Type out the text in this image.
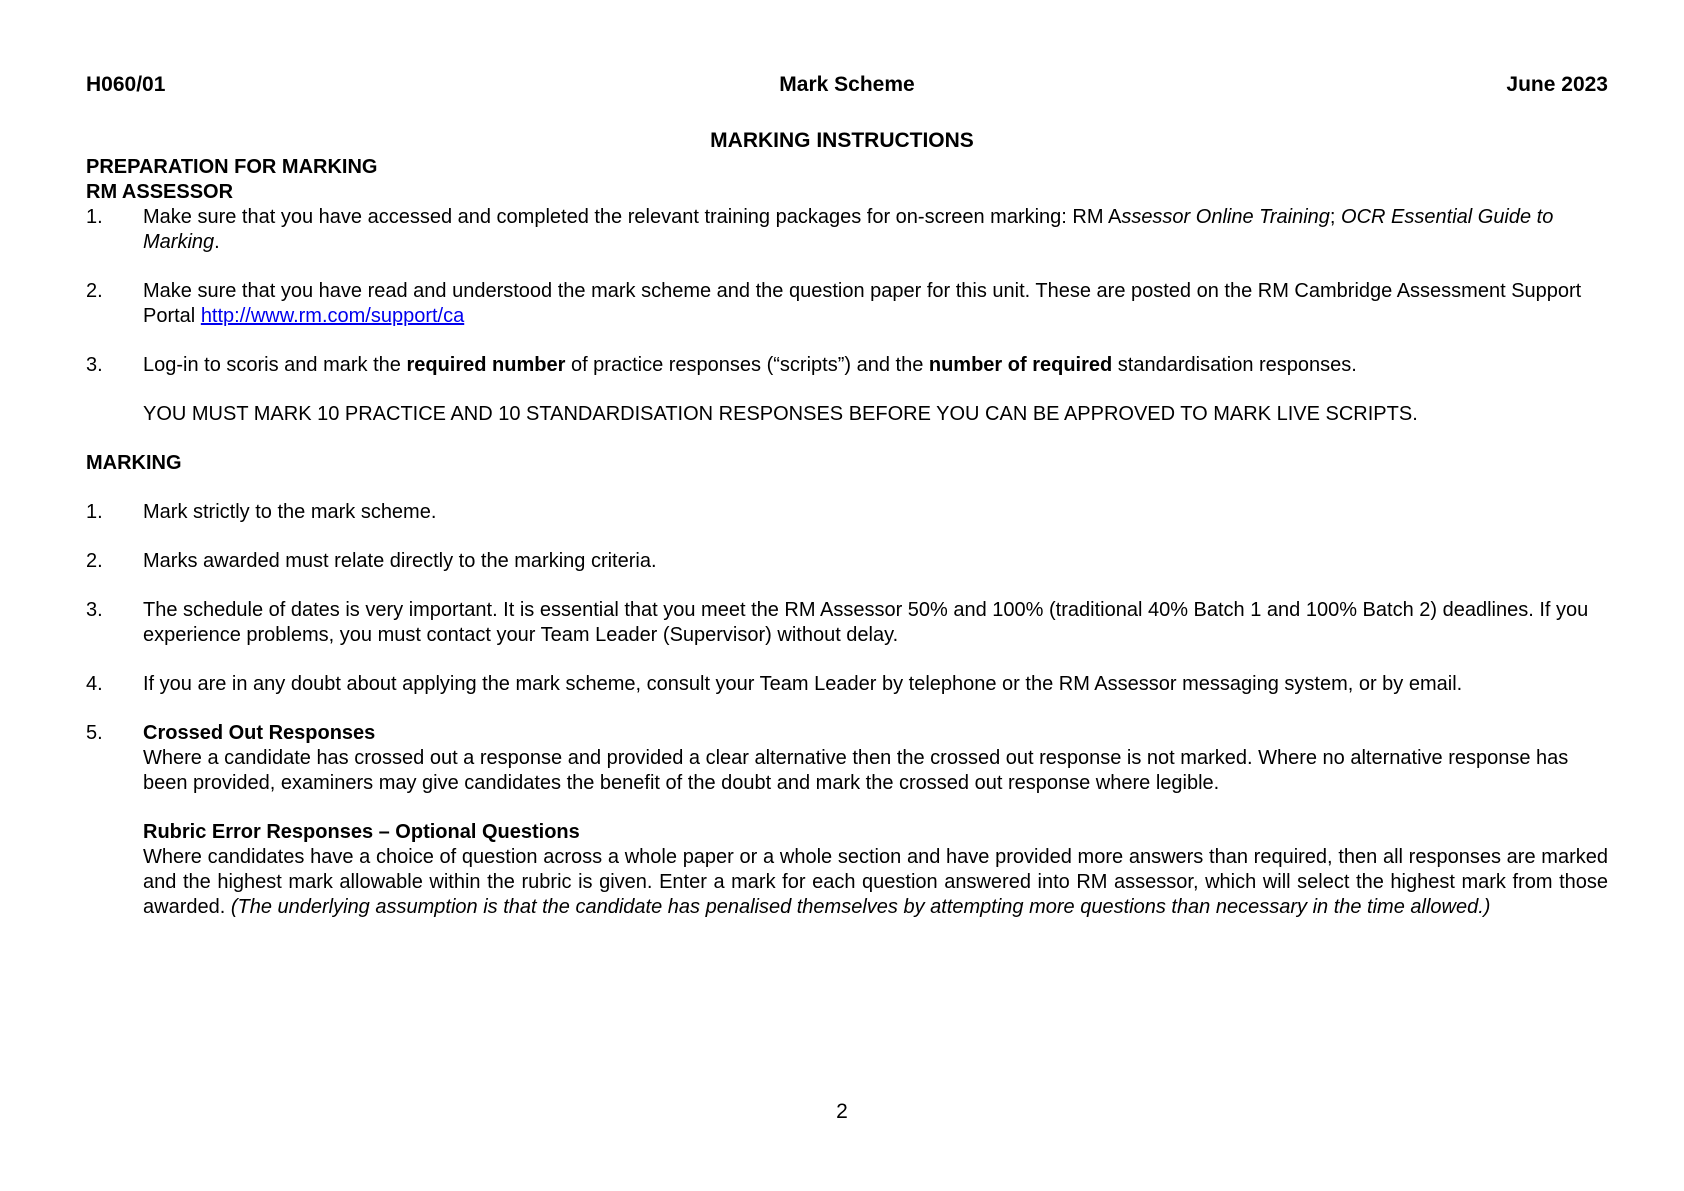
H060/01	Mark Scheme	June 2023
MARKING INSTRUCTIONS
PREPARATION FOR MARKING
RM ASSESSOR
1. Make sure that you have accessed and completed the relevant training packages for on-screen marking: RM Assessor Online Training; OCR Essential Guide to Marking.
2. Make sure that you have read and understood the mark scheme and the question paper for this unit. These are posted on the RM Cambridge Assessment Support Portal http://www.rm.com/support/ca
3. Log-in to scoris and mark the required number of practice responses (“scripts”) and the number of required standardisation responses.
YOU MUST MARK 10 PRACTICE AND 10 STANDARDISATION RESPONSES BEFORE YOU CAN BE APPROVED TO MARK LIVE SCRIPTS.
MARKING
1. Mark strictly to the mark scheme.
2. Marks awarded must relate directly to the marking criteria.
3. The schedule of dates is very important. It is essential that you meet the RM Assessor 50% and 100% (traditional 40% Batch 1 and 100% Batch 2) deadlines. If you experience problems, you must contact your Team Leader (Supervisor) without delay.
4. If you are in any doubt about applying the mark scheme, consult your Team Leader by telephone or the RM Assessor messaging system, or by email.
5. Crossed Out Responses
Where a candidate has crossed out a response and provided a clear alternative then the crossed out response is not marked. Where no alternative response has been provided, examiners may give candidates the benefit of the doubt and mark the crossed out response where legible.
Rubric Error Responses – Optional Questions
Where candidates have a choice of question across a whole paper or a whole section and have provided more answers than required, then all responses are marked and the highest mark allowable within the rubric is given. Enter a mark for each question answered into RM assessor, which will select the highest mark from those awarded. (The underlying assumption is that the candidate has penalised themselves by attempting more questions than necessary in the time allowed.)
2
